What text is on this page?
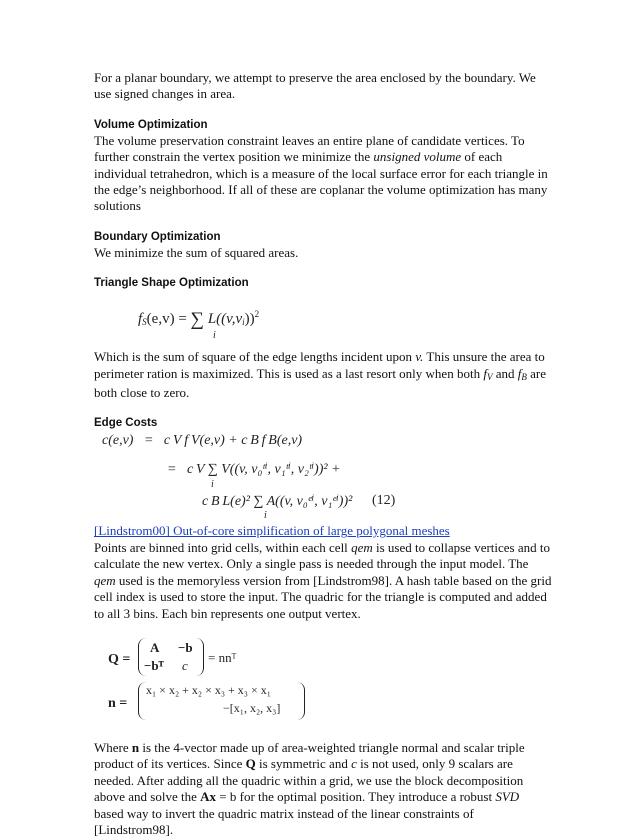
For a planar boundary, we attempt to preserve the area enclosed by the boundary. We use signed changes in area.

Volume Optimization

The volume preservation constraint leaves an entire plane of candidate vertices. To further constrain the vertex position we minimize the unsigned volume of each individual tetrahedron, which is a measure of the local surface error for each triangle in the edge’s neighborhood. If all of these are coplanar the volume optimization has many solutions

Boundary Optimization

We minimize the sum of squared areas.

Triangle Shape Optimization
$f_S(e,v)$ = ∑ $L((v,v_i))^2$
i

Which is the sum of square of the edge lengths incident upon v. This unsure the area to perimeter ration is maximized. This is used as a last resort only when both $f_V$ and $f_B$ are both close to zero.

Edge Costs
c(e,v)   =   c V f V(e,v) + c B f B(e,v)
=   c V ∑ V((v, v₀ᵗⁱ, v₁ᵗⁱ, v₂ᵗⁱ))² +
i
c B L(e)² ∑ A((v, v₀ᵉⁱ, v₁ᵉⁱ))²
i
(12)

[Lindstrom00] Out-of-core simplification of large polygonal meshes

Points are binned into grid cells, within each cell qem is used to collapse vertices and to calculate the new vertex. Only a single pass is needed through the input model. The qem used is the memoryless version from [Lindstrom98]. A hash table based on the grid cell index is used to store the input. The quadric for the triangle is computed and added to all 3 bins. Each bin represents one output vertex.

Q =
A −b
−bᵀ c
= nnᵀ
n =
x₁ × x₂ + x₂ × x₃ + x₃ × x₁
−[x₁, x₂, x₃]

Where n is the 4-vector made up of area-weighted triangle normal and scalar triple product of its vertices. Since Q is symmetric and c is not used, only 9 scalars are needed. After adding all the quadric within a grid, we use the block decomposition above and solve the Ax = b for the optimal position. They introduce a robust SVD based way to invert the quadric matrix instead of the linear constraints of [Lindstrom98].
